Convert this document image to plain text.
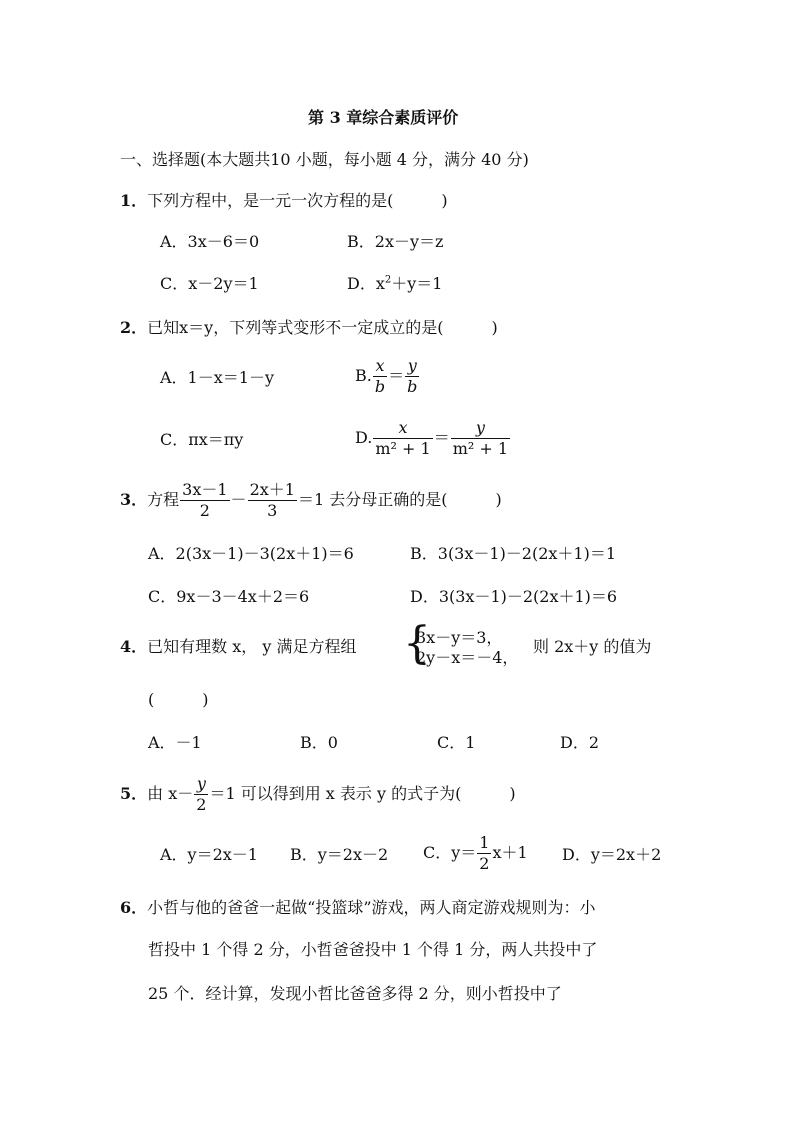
第 3 章综合素质评价
一、选择题(本大题共10 小题，每小题 4 分，满分 40 分)
1．下列方程中，是一元一次方程的是(　　　)
A．3x－6＝0	B．2x－y＝z
C．x－2y＝1	D．$x^2+y=1$
2．已知x＝y，下列等式变形不一定成立的是(　　　)
A．1－x＝1－y	B. $\frac{x}{b} = \frac{y}{b}$
C．πx＝πy	D. $\frac{x}{\text{m² + 1}} = \frac{y}{\text{m² + 1}}$
3．方程 $\frac{3x-1}{2} - \frac{2x+1}{3} =1$ 去分母正确的是(　　　)
A．2(3x－1)－3(2x＋1)＝6	B．3(3x－1)－2(2x＋1)＝1
C．9x－3－4x＋2＝6	D．3(3x－1)－2(2x＋1)＝6
4．已知有理数 x， y 满足方程组 {
3x－y＝3，
2y－x＝－4，
则 2x＋y 的值为
(　　　)
A．－1	B．0	C．1	D．2
5．由 $x- \frac{y}{2} =1$ 可以得到用 x 表示 y 的式子为(　　　)
A．y＝2x－1 B．y＝2x－2 C．$y= \frac{1}{2} x+1$ D．y＝2x＋2
6．小哲与他的爸爸一起做“投篮球”游戏，两人商定游戏规则为：小
哲投中 1 个得 2 分，小哲爸爸投中 1 个得 1 分，两人共投中了
25 个．经计算，发现小哲比爸爸多得 2 分，则小哲投中了
